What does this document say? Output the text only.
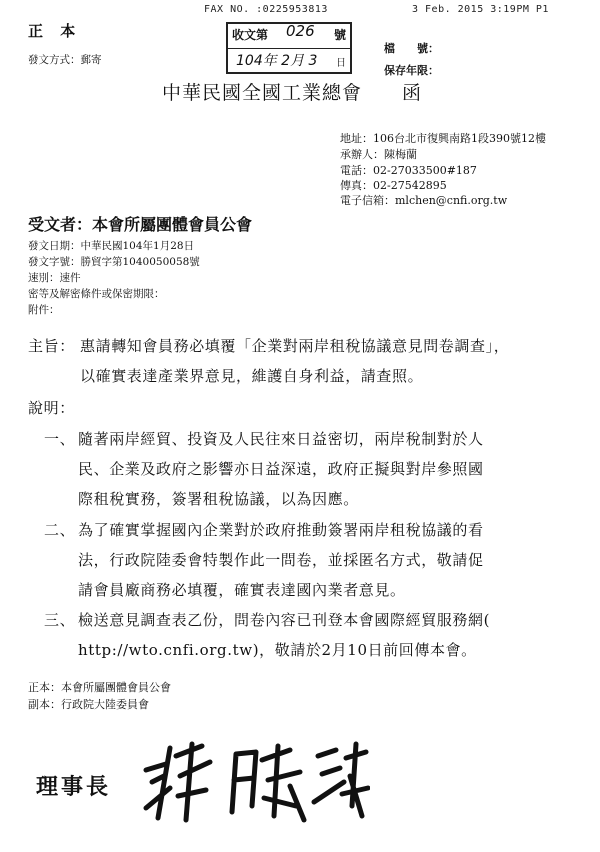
FAX NO. :0225953813	3 Feb. 2015 3:19PM P1
正 本
發文方式：郵寄
收文第 026 號
104年 2月 3 日
檔　　號：
保存年限：
中華民國全國工業總會　　函
地址：106台北市復興南路1段390號12樓
承辦人：陳梅蘭
電話：02-27033500#187
傳真：02-27542895
電子信箱：mlchen@cnfi.org.tw
受文者：本會所屬團體會員公會
發文日期：中華民國104年1月28日
發文字號：勝貿字第1040050058號
速別：速件
密等及解密條件或保密期限：
附件：
主旨： 惠請轉知會員務必填覆「企業對兩岸租稅協議意見問卷調查」，
以確實表達產業界意見，維護自身利益，請查照。
說明：
一、 隨著兩岸經貿、投資及人民往來日益密切，兩岸稅制對於人
民、企業及政府之影響亦日益深遠，政府正擬與對岸參照國
際租稅實務，簽署租稅協議，以為因應。
二、 為了確實掌握國內企業對於政府推動簽署兩岸租稅協議的看
法，行政院陸委會特製作此一問卷，並採匿名方式，敬請促
請會員廠商務必填覆，確實表達國內業者意見。
三、 檢送意見調查表乙份，問卷內容已刊登本會國際經貿服務網(
http://wto.cnfi.org.tw)，敬請於2月10日前回傳本會。
正本：本會所屬團體會員公會
副本：行政院大陸委員會
理事長
